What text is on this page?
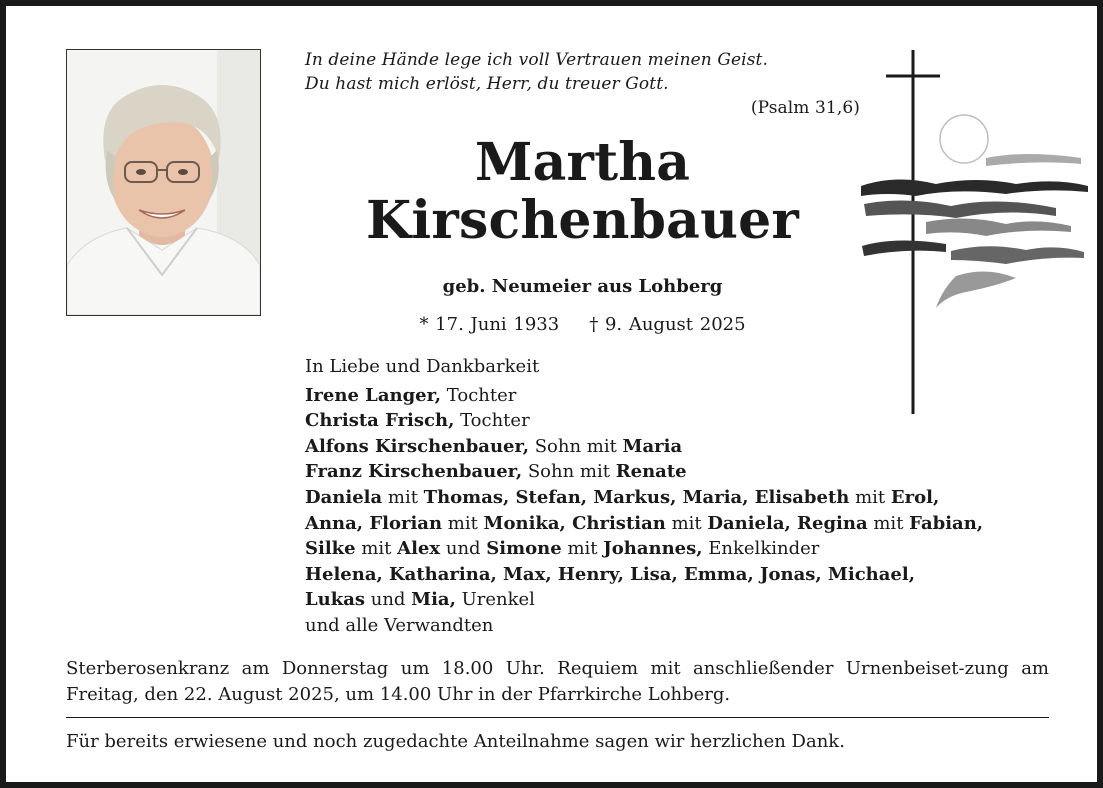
In deine Hände lege ich voll Vertrauen meinen Geist.
Du hast mich erlöst, Herr, du treuer Gott.
(Psalm 31,6)
Martha
Kirschenbauer
geb. Neumeier aus Lohberg
* 17. Juni 1933 † 9. August 2025
In Liebe und Dankbarkeit
Irene Langer, Tochter
Christa Frisch, Tochter
Alfons Kirschenbauer, Sohn mit Maria
Franz Kirschenbauer, Sohn mit Renate
Daniela mit Thomas, Stefan, Markus, Maria, Elisabeth mit Erol,
Anna, Florian mit Monika, Christian mit Daniela, Regina mit Fabian,
Silke mit Alex und Simone mit Johannes, Enkelkinder
Helena, Katharina, Max, Henry, Lisa, Emma, Jonas, Michael,
Lukas und Mia, Urenkel
und alle Verwandten
Sterberosenkranz am Donnerstag um 18.00 Uhr. Requiem mit anschließender Urnenbeiset-zung am Freitag, den 22. August 2025, um 14.00 Uhr in der Pfarrkirche Lohberg.
Für bereits erwiesene und noch zugedachte Anteilnahme sagen wir herzlichen Dank.
